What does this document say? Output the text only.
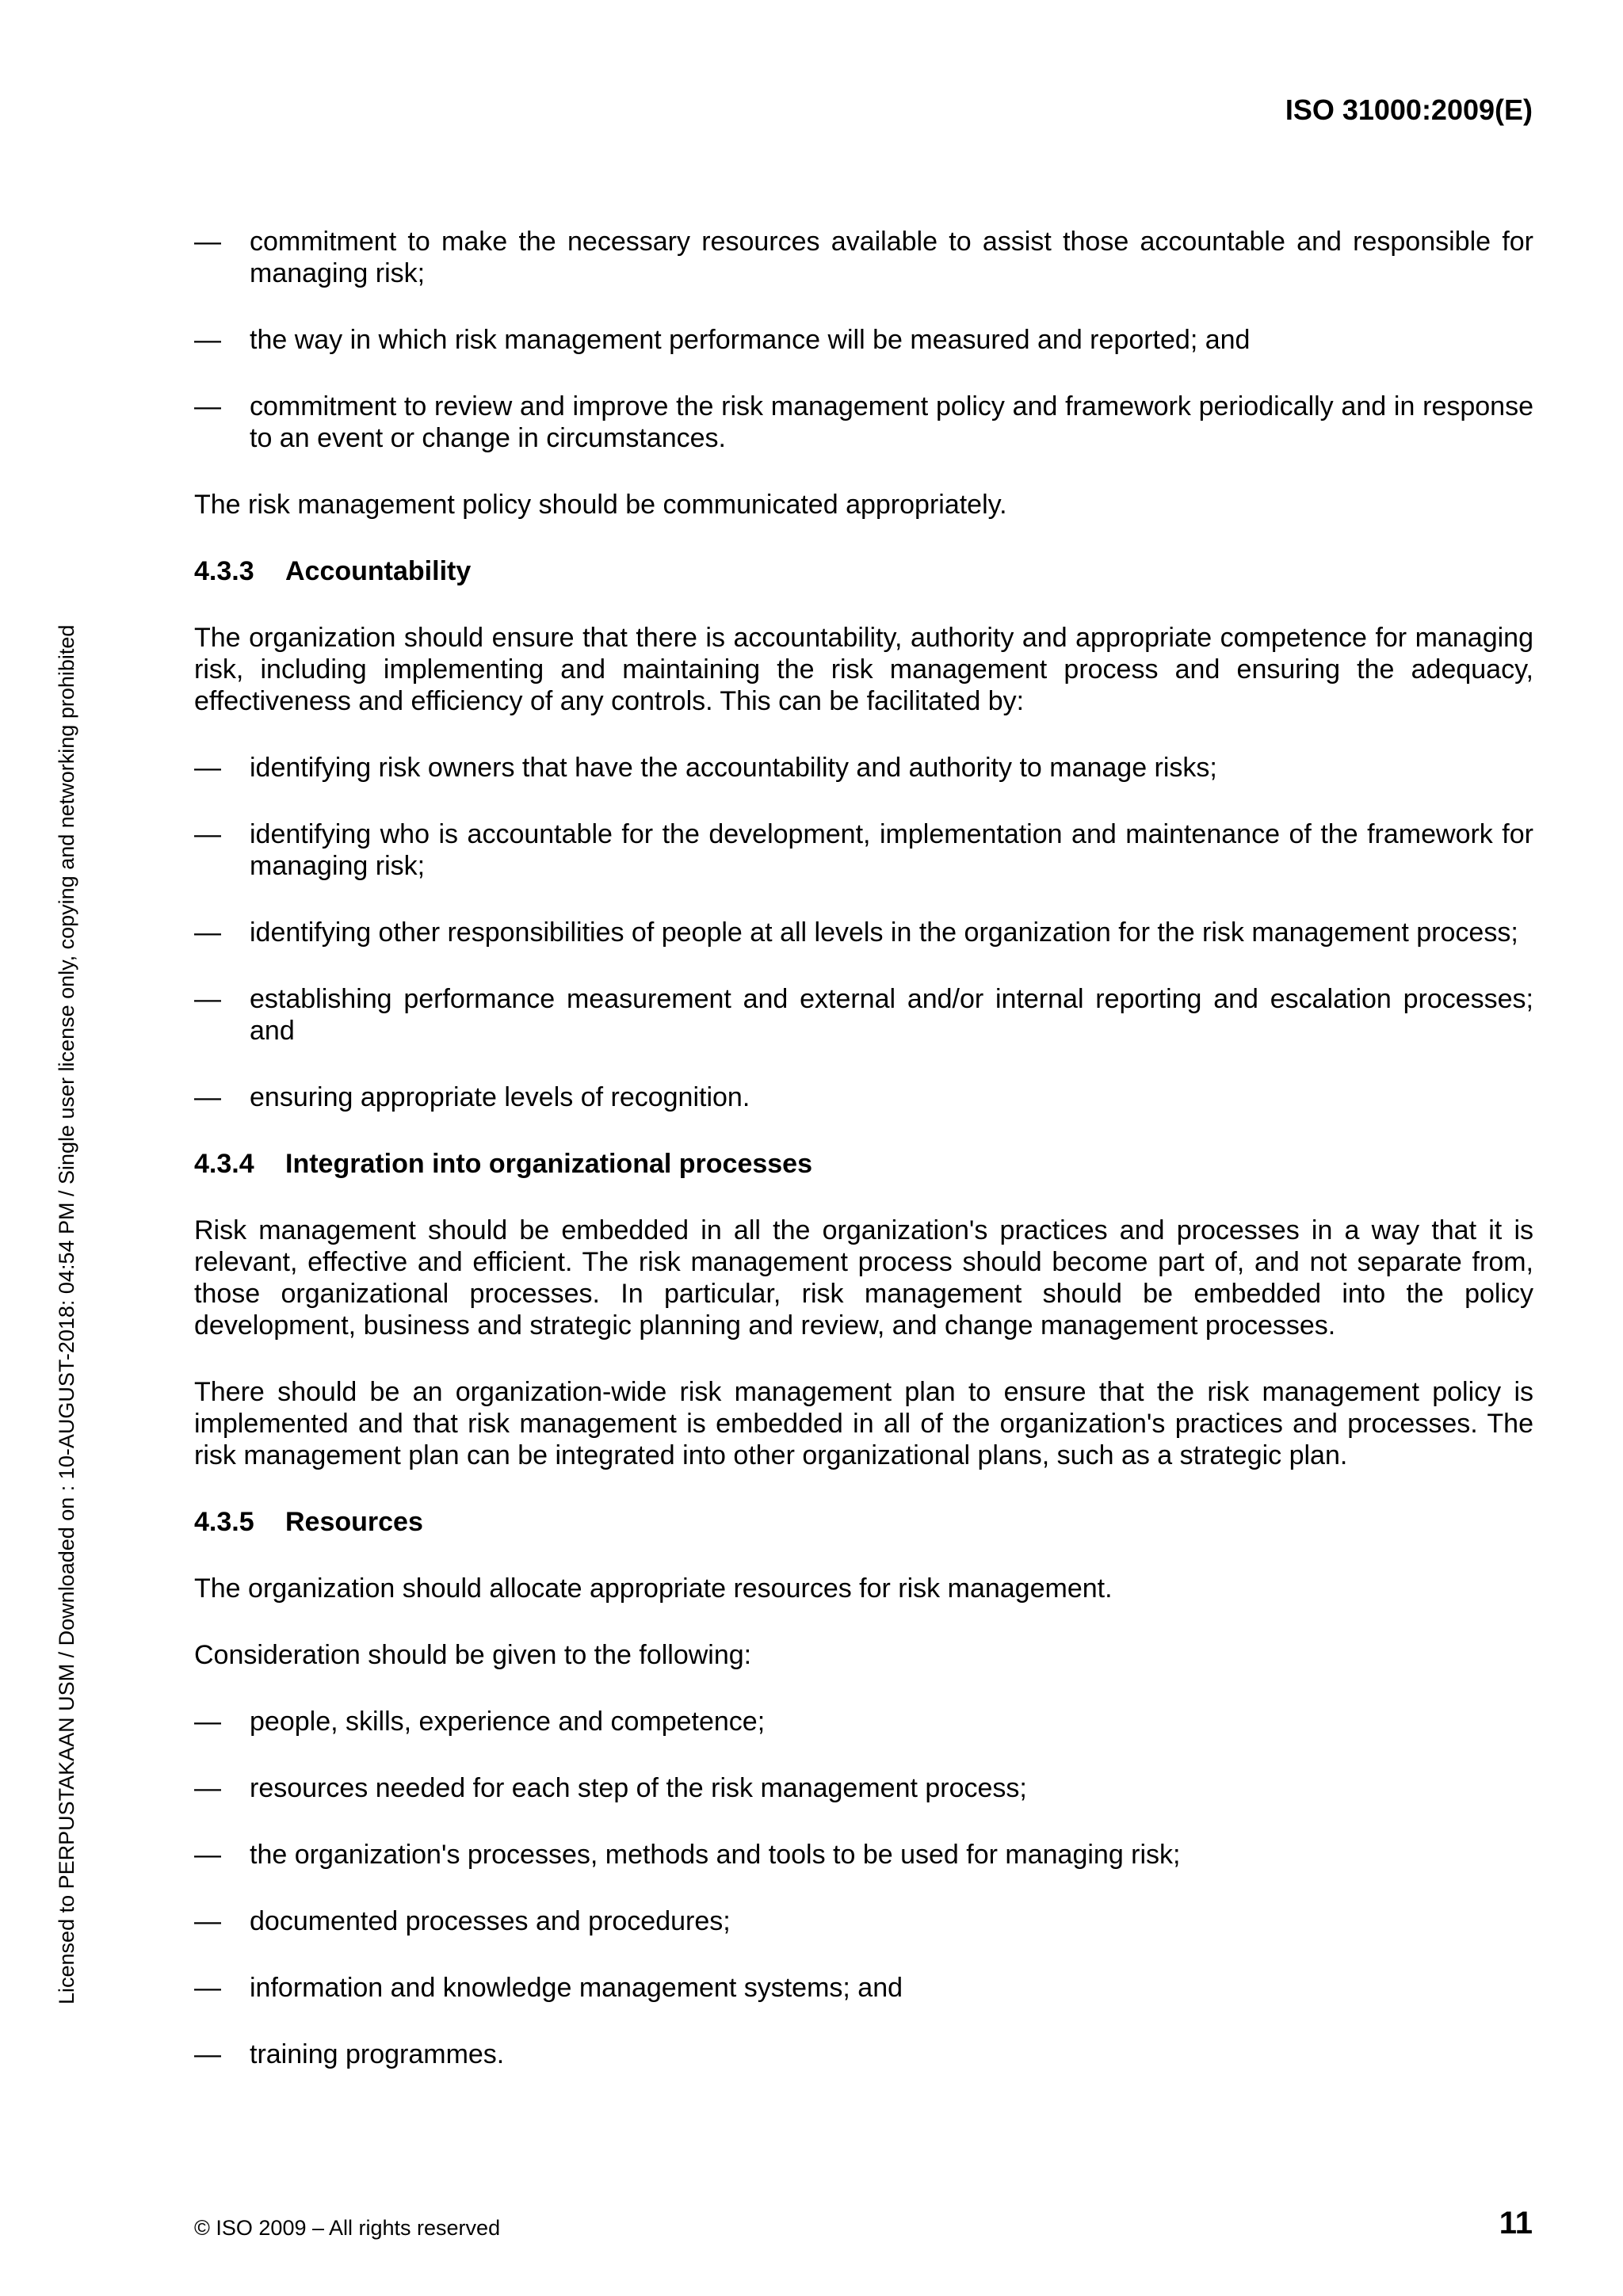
ISO 31000:2009(E)
Licensed to PERPUSTAKAAN USM / Downloaded on : 10-AUGUST-2018: 04:54 PM / Single user license only, copying and networking prohibited
— commitment to make the necessary resources available to assist those accountable and responsible for managing risk;
— the way in which risk management performance will be measured and reported; and
— commitment to review and improve the risk management policy and framework periodically and in response to an event or change in circumstances.

The risk management policy should be communicated appropriately.

4.3.3 Accountability

The organization should ensure that there is accountability, authority and appropriate competence for managing risk, including implementing and maintaining the risk management process and ensuring the adequacy, effectiveness and efficiency of any controls. This can be facilitated by:

— identifying risk owners that have the accountability and authority to manage risks;
— identifying who is accountable for the development, implementation and maintenance of the framework for managing risk;
— identifying other responsibilities of people at all levels in the organization for the risk management process;
— establishing performance measurement and external and/or internal reporting and escalation processes; and
— ensuring appropriate levels of recognition.
4.3.4 Integration into organizational processes

Risk management should be embedded in all the organization's practices and processes in a way that it is relevant, effective and efficient. The risk management process should become part of, and not separate from, those organizational processes. In particular, risk management should be embedded into the policy development, business and strategic planning and review, and change management processes.

There should be an organization-wide risk management plan to ensure that the risk management policy is implemented and that risk management is embedded in all of the organization's practices and processes. The risk management plan can be integrated into other organizational plans, such as a strategic plan.

4.3.5 Resources

The organization should allocate appropriate resources for risk management.

Consideration should be given to the following:

— people, skills, experience and competence;
— resources needed for each step of the risk management process;
— the organization's processes, methods and tools to be used for managing risk;
— documented processes and procedures;
— information and knowledge management systems; and
— training programmes.
© ISO 2009 – All rights reserved	11
